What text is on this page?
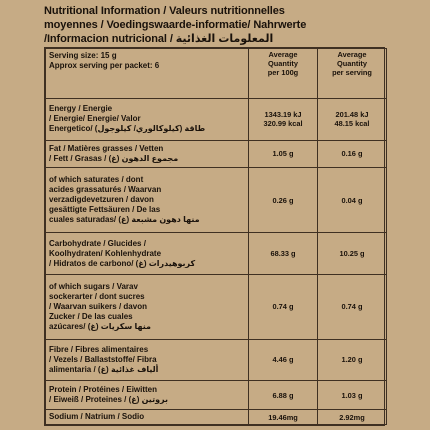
Nutritional Information / Valeurs nutritionnelles
moyennes / Voedingswaarde-informatie/ Nahrwerte
/Informacion nutricional / المعلومات الغذائية
Serving size: 15 g
Approx serving per packet: 6	Average
Quantity
per 100g	Average
Quantity
per serving

Energy / Energie
/ Energie/ Energie/ Valor
Energetico/ (كيلوكالوري/ كيلوجول) طاقة	1343.19 kJ
320.99 kcal	201.48 kJ
48.15 kcal

Fat / Matières grasses / Vetten
/ Fett / Grasas / (غ) مجموع الدهون	1.05 g	0.16 g

of which saturates / dont
acides grassaturés / Waarvan
verzadigdevetzuren / davon
gesättigte Fettsäuren / De las
cuales saturadas/ (غ) منها دهون مشبعة	0.26 g	0.04 g

Carbohydrate / Glucides /
Koolhydraten/ Kohlenhydrate
/ Hidratos de carbono/ (غ) كربوهيدرات	68.33 g	10.25 g

of which sugars / Varav
sockerarter / dont sucres
/ Waarvan suikers / davon
Zucker / De las cuales
azúcares/ (غ) منها سكريات	0.74 g	0.74 g

Fibre / Fibres alimentaires
/ Vezels / Ballaststoffe/ Fibra
alimentaria / (غ) ألياف غذائية	4.46 g	1.20 g

Protein / Protéines / Eiwitten
/ Eiweiß / Proteines / (غ) بروتين	6.88 g	1.03 g

Sodium / Natrium / Sodio	19.46mg	2.92mg
